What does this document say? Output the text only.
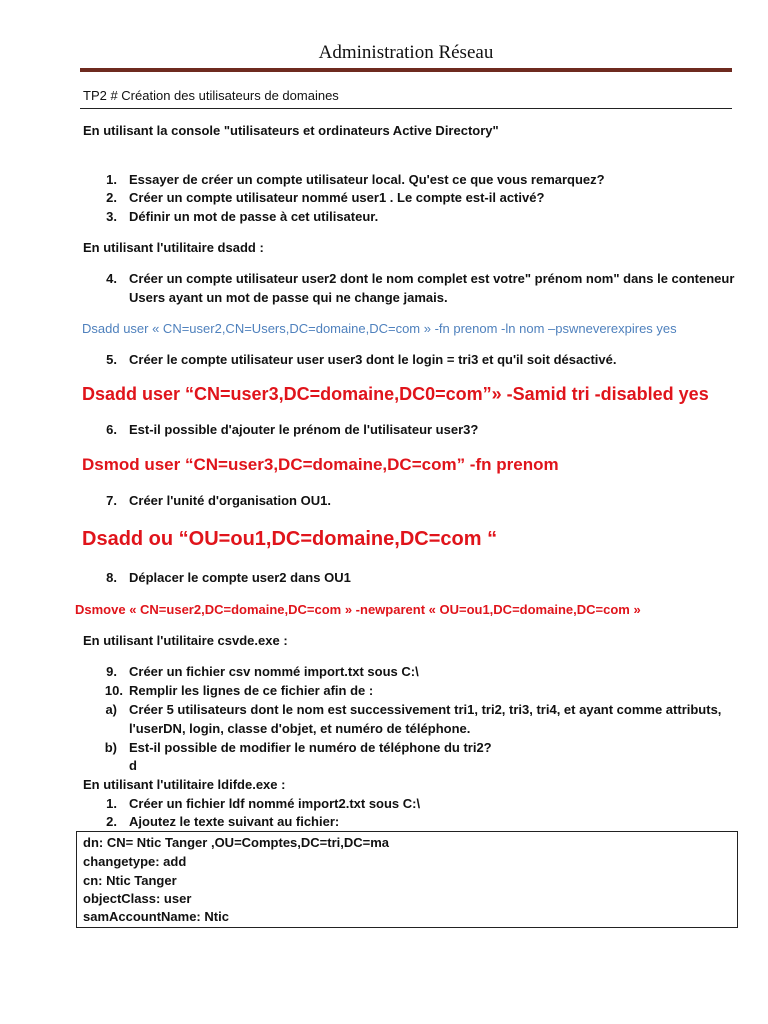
Administration Réseau
TP2 # Création des utilisateurs de domaines
En utilisant la console "utilisateurs et ordinateurs Active Directory"
1. Essayer de créer un compte utilisateur local. Qu'est ce que vous remarquez?
2. Créer un compte utilisateur nommé user1 . Le compte est-il activé?
3. Définir un mot de passe à cet utilisateur.
En utilisant l'utilitaire dsadd :
4. Créer un compte utilisateur user2 dont le nom complet est votre" prénom nom" dans le conteneur
Users ayant un mot de passe qui ne change jamais.
Dsadd user « CN=user2,CN=Users,DC=domaine,DC=com » -fn prenom -ln nom –pswneverexpires yes
5. Créer le compte utilisateur user user3 dont le login = tri3 et qu'il soit désactivé.
Dsadd user “CN=user3,DC=domaine,DC0=com”» -Samid tri -disabled yes
6. Est-il possible d'ajouter le prénom de l'utilisateur user3?
Dsmod user “CN=user3,DC=domaine,DC=com” -fn prenom
7. Créer l'unité d'organisation OU1.
Dsadd ou “OU=ou1,DC=domaine,DC=com “
8. Déplacer le compte user2 dans OU1
Dsmove « CN=user2,DC=domaine,DC=com » -newparent « OU=ou1,DC=domaine,DC=com »
En utilisant l'utilitaire csvde.exe :
9. Créer un fichier csv nommé import.txt sous C:\
10. Remplir les lignes de ce fichier afin de :
a) Créer 5 utilisateurs dont le nom est successivement tri1, tri2, tri3, tri4, et ayant comme attributs,
l'userDN, login, classe d'objet, et numéro de téléphone.
b) Est-il possible de modifier le numéro de téléphone du tri2?
d
En utilisant l'utilitaire ldifde.exe :
1. Créer un fichier ldf nommé import2.txt sous C:\
2. Ajoutez le texte suivant au fichier:
dn: CN= Ntic Tanger ,OU=Comptes,DC=tri,DC=ma
changetype: add
cn: Ntic Tanger
objectClass: user
samAccountName: Ntic
